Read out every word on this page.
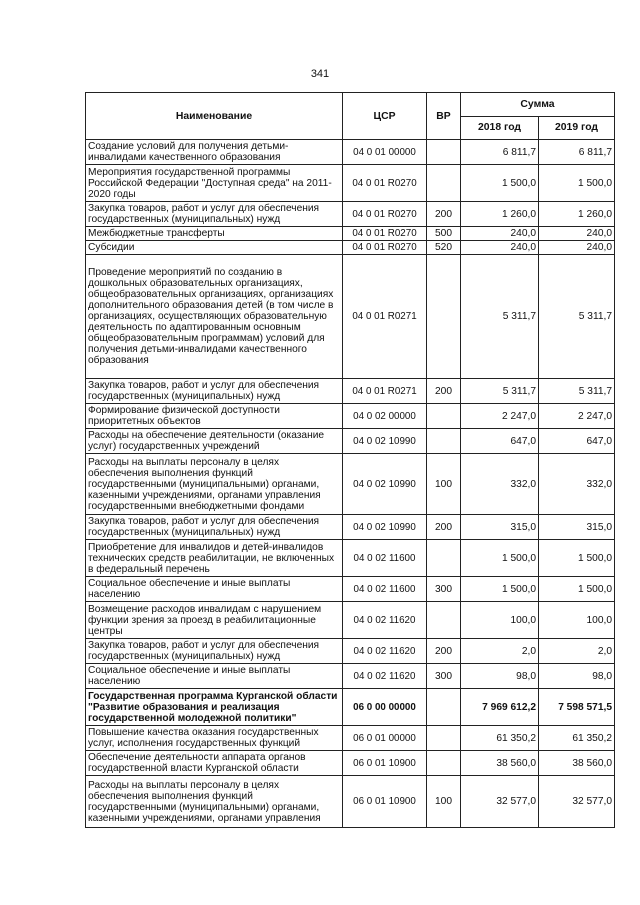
341
Наименование	ЦСР	ВР	Сумма	
			2018 год	2019 год
Создание условий для получения детьми-инвалидами качественного образования	04 0 01 00000		6 811,7	6 811,7
Мероприятия государственной программы Российской Федерации "Доступная среда" на 2011-2020 годы	04 0 01 R0270		1 500,0	1 500,0
Закупка товаров, работ и услуг для обеспечения государственных (муниципальных) нужд	04 0 01 R0270	200	1 260,0	1 260,0
Межбюджетные трансферты	04 0 01 R0270	500	240,0	240,0
Субсидии	04 0 01 R0270	520	240,0	240,0
Проведение мероприятий по созданию в дошкольных образовательных организациях, общеобразовательных организациях, организациях дополнительного образования детей (в том числе в организациях, осуществляющих образовательную деятельность по адаптированным основным общеобразовательным программам) условий для получения детьми-инвалидами качественного образования	04 0 01 R0271		5 311,7	5 311,7
Закупка товаров, работ и услуг для обеспечения государственных (муниципальных) нужд	04 0 01 R0271	200	5 311,7	5 311,7
Формирование физической доступности приоритетных объектов	04 0 02 00000		2 247,0	2 247,0
Расходы на обеспечение деятельности (оказание услуг) государственных учреждений	04 0 02 10990		647,0	647,0
Расходы на выплаты персоналу в целях обеспечения выполнения функций государственными (муниципальными) органами, казенными учреждениями, органами управления государственными внебюджетными фондами	04 0 02 10990	100	332,0	332,0
Закупка товаров, работ и услуг для обеспечения государственных (муниципальных) нужд	04 0 02 10990	200	315,0	315,0
Приобретение для инвалидов и детей-инвалидов технических средств реабилитации, не включенных в федеральный перечень	04 0 02 11600		1 500,0	1 500,0
Социальное обеспечение и иные выплаты населению	04 0 02 11600	300	1 500,0	1 500,0
Возмещение расходов инвалидам с нарушением функции зрения за проезд в реабилитационные центры	04 0 02 11620		100,0	100,0
Закупка товаров, работ и услуг для обеспечения государственных (муниципальных) нужд	04 0 02 11620	200	2,0	2,0
Социальное обеспечение и иные выплаты населению	04 0 02 11620	300	98,0	98,0
Государственная программа Курганской области "Развитие образования и реализация государственной молодежной политики"	06 0 00 00000		7 969 612,2	7 598 571,5
Повышение качества оказания государственных услуг, исполнения государственных функций	06 0 01 00000		61 350,2	61 350,2
Обеспечение деятельности аппарата органов государственной власти Курганской области	06 0 01 10900		38 560,0	38 560,0
Расходы на выплаты персоналу в целях обеспечения выполнения функций государственными (муниципальными) органами, казенными учреждениями, органами управления	06 0 01 10900	100	32 577,0	32 577,0
